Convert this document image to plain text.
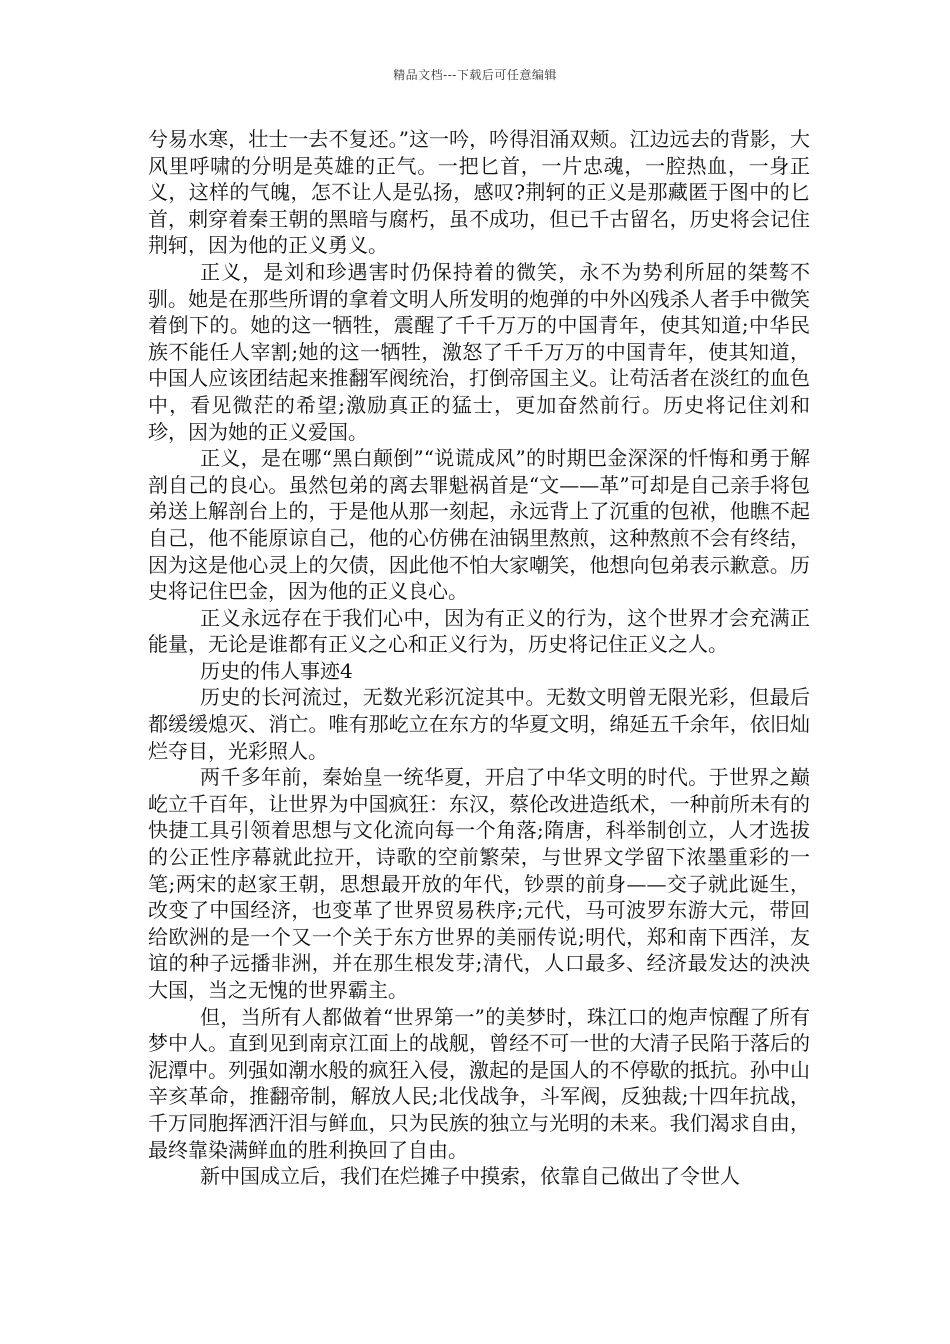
精品文档---下载后可任意编辑

兮易水寒，壮士一去不复还。”这一吟，吟得泪涌双颊。江边远去的背影，大风里呼啸的分明是英雄的正气。一把匕首，一片忠魂，一腔热血，一身正义，这样的气魄，怎不让人是弘扬，感叹?荆轲的正义是那藏匿于图中的匕首，刺穿着秦王朝的黑暗与腐朽，虽不成功，但已千古留名，历史将会记住荆轲，因为他的正义勇义。

正义，是刘和珍遇害时仍保持着的微笑，永不为势利所屈的桀骜不驯。她是在那些所谓的拿着文明人所发明的炮弹的中外凶残杀人者手中微笑着倒下的。她的这一牺牲，震醒了千千万万的中国青年，使其知道;中华民族不能任人宰割;她的这一牺牲，激怒了千千万万的中国青年，使其知道，中国人应该团结起来推翻军阀统治，打倒帝国主义。让苟活者在淡红的血色中，看见微茫的希望;激励真正的猛士，更加奋然前行。历史将记住刘和珍，因为她的正义爱国。

正义，是在哪“黑白颠倒”“说谎成风”的时期巴金深深的忏悔和勇于解剖自己的良心。虽然包弟的离去罪魁祸首是“文——革”可却是自己亲手将包弟送上解剖台上的，于是他从那一刻起，永远背上了沉重的包袱，他瞧不起自己，他不能原谅自己，他的心仿佛在油锅里熬煎，这种熬煎不会有终结，因为这是他心灵上的欠债，因此他不怕大家嘲笑，他想向包弟表示歉意。历史将记住巴金，因为他的正义良心。

正义永远存在于我们心中，因为有正义的行为，这个世界才会充满正能量，无论是谁都有正义之心和正义行为，历史将记住正义之人。

历史的伟人事迹4

历史的长河流过，无数光彩沉淀其中。无数文明曾无限光彩，但最后都缓缓熄灭、消亡。唯有那屹立在东方的华夏文明，绵延五千余年，依旧灿烂夺目，光彩照人。

两千多年前，秦始皇一统华夏，开启了中华文明的时代。于世界之巅屹立千百年，让世界为中国疯狂：东汉，蔡伦改进造纸术，一种前所未有的快捷工具引领着思想与文化流向每一个角落;隋唐，科举制创立，人才选拔的公正性序幕就此拉开，诗歌的空前繁荣，与世界文学留下浓墨重彩的一笔;两宋的赵家王朝，思想最开放的年代，钞票的前身——交子就此诞生，改变了中国经济，也变革了世界贸易秩序;元代，马可波罗东游大元，带回给欧洲的是一个又一个关于东方世界的美丽传说;明代，郑和南下西洋，友谊的种子远播非洲，并在那生根发芽;清代，人口最多、经济最发达的泱泱大国，当之无愧的世界霸主。

但，当所有人都做着“世界第一”的美梦时，珠江口的炮声惊醒了所有梦中人。直到见到南京江面上的战舰，曾经不可一世的大清子民陷于落后的泥潭中。列强如潮水般的疯狂入侵，激起的是国人的不停歇的抵抗。孙中山辛亥革命，推翻帝制，解放人民;北伐战争，斗军阀，反独裁;十四年抗战，千万同胞挥洒汗泪与鲜血，只为民族的独立与光明的未来。我们渴求自由，最终靠染满鲜血的胜利换回了自由。

新中国成立后，我们在烂摊子中摸索，依靠自己做出了令世人
